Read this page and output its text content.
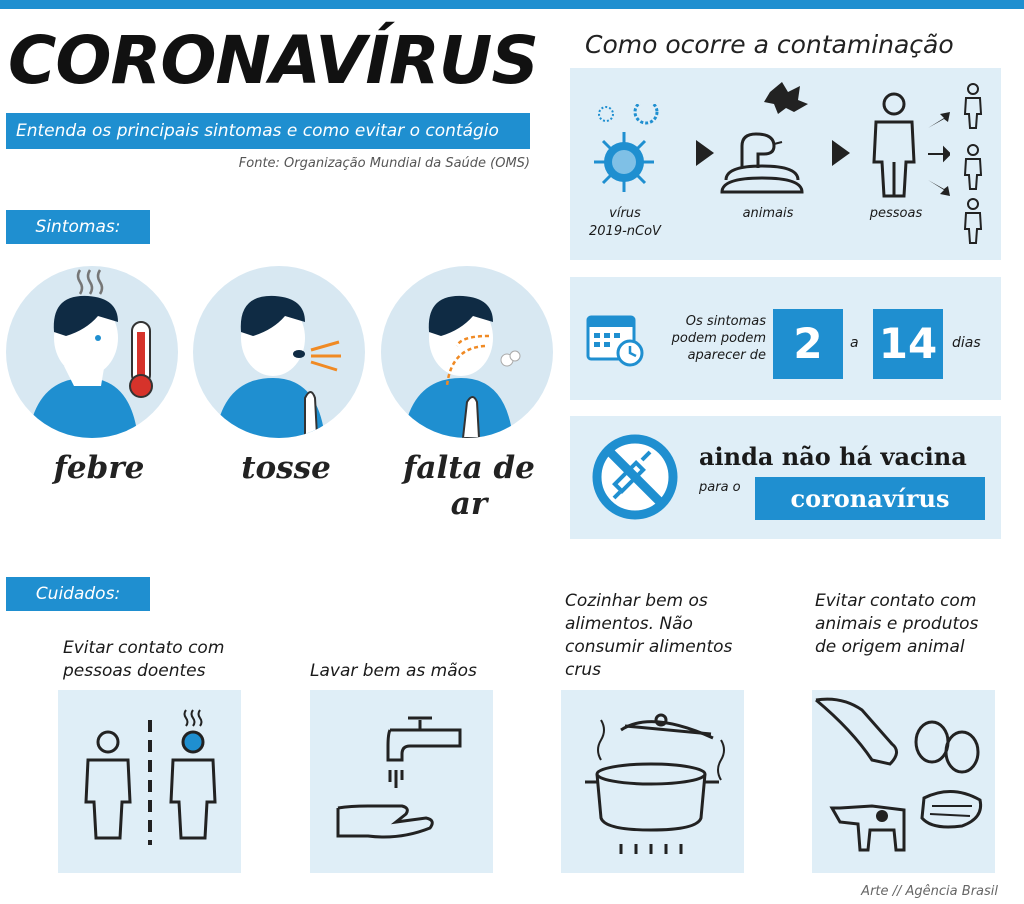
CORONAVÍRUS
Entenda os principais sintomas e como evitar o contágio
Fonte: Organização Mundial da Saúde (OMS)
Sintomas:
febre	tosse	falta de ar
Como ocorre a contaminação
vírus
2019-nCoV
animais	pessoas
Os sintomas
podem podem
aparecer de 2	a 14	dias
ainda não há vacina
para o	coronavírus
Cuidados:
Evitar contato com pessoas doentes	Lavar bem as mãos
Cozinhar bem os alimentos. Não consumir alimentos crus
Evitar contato com animais e produtos de origem animal
Arte // Agência Brasil
